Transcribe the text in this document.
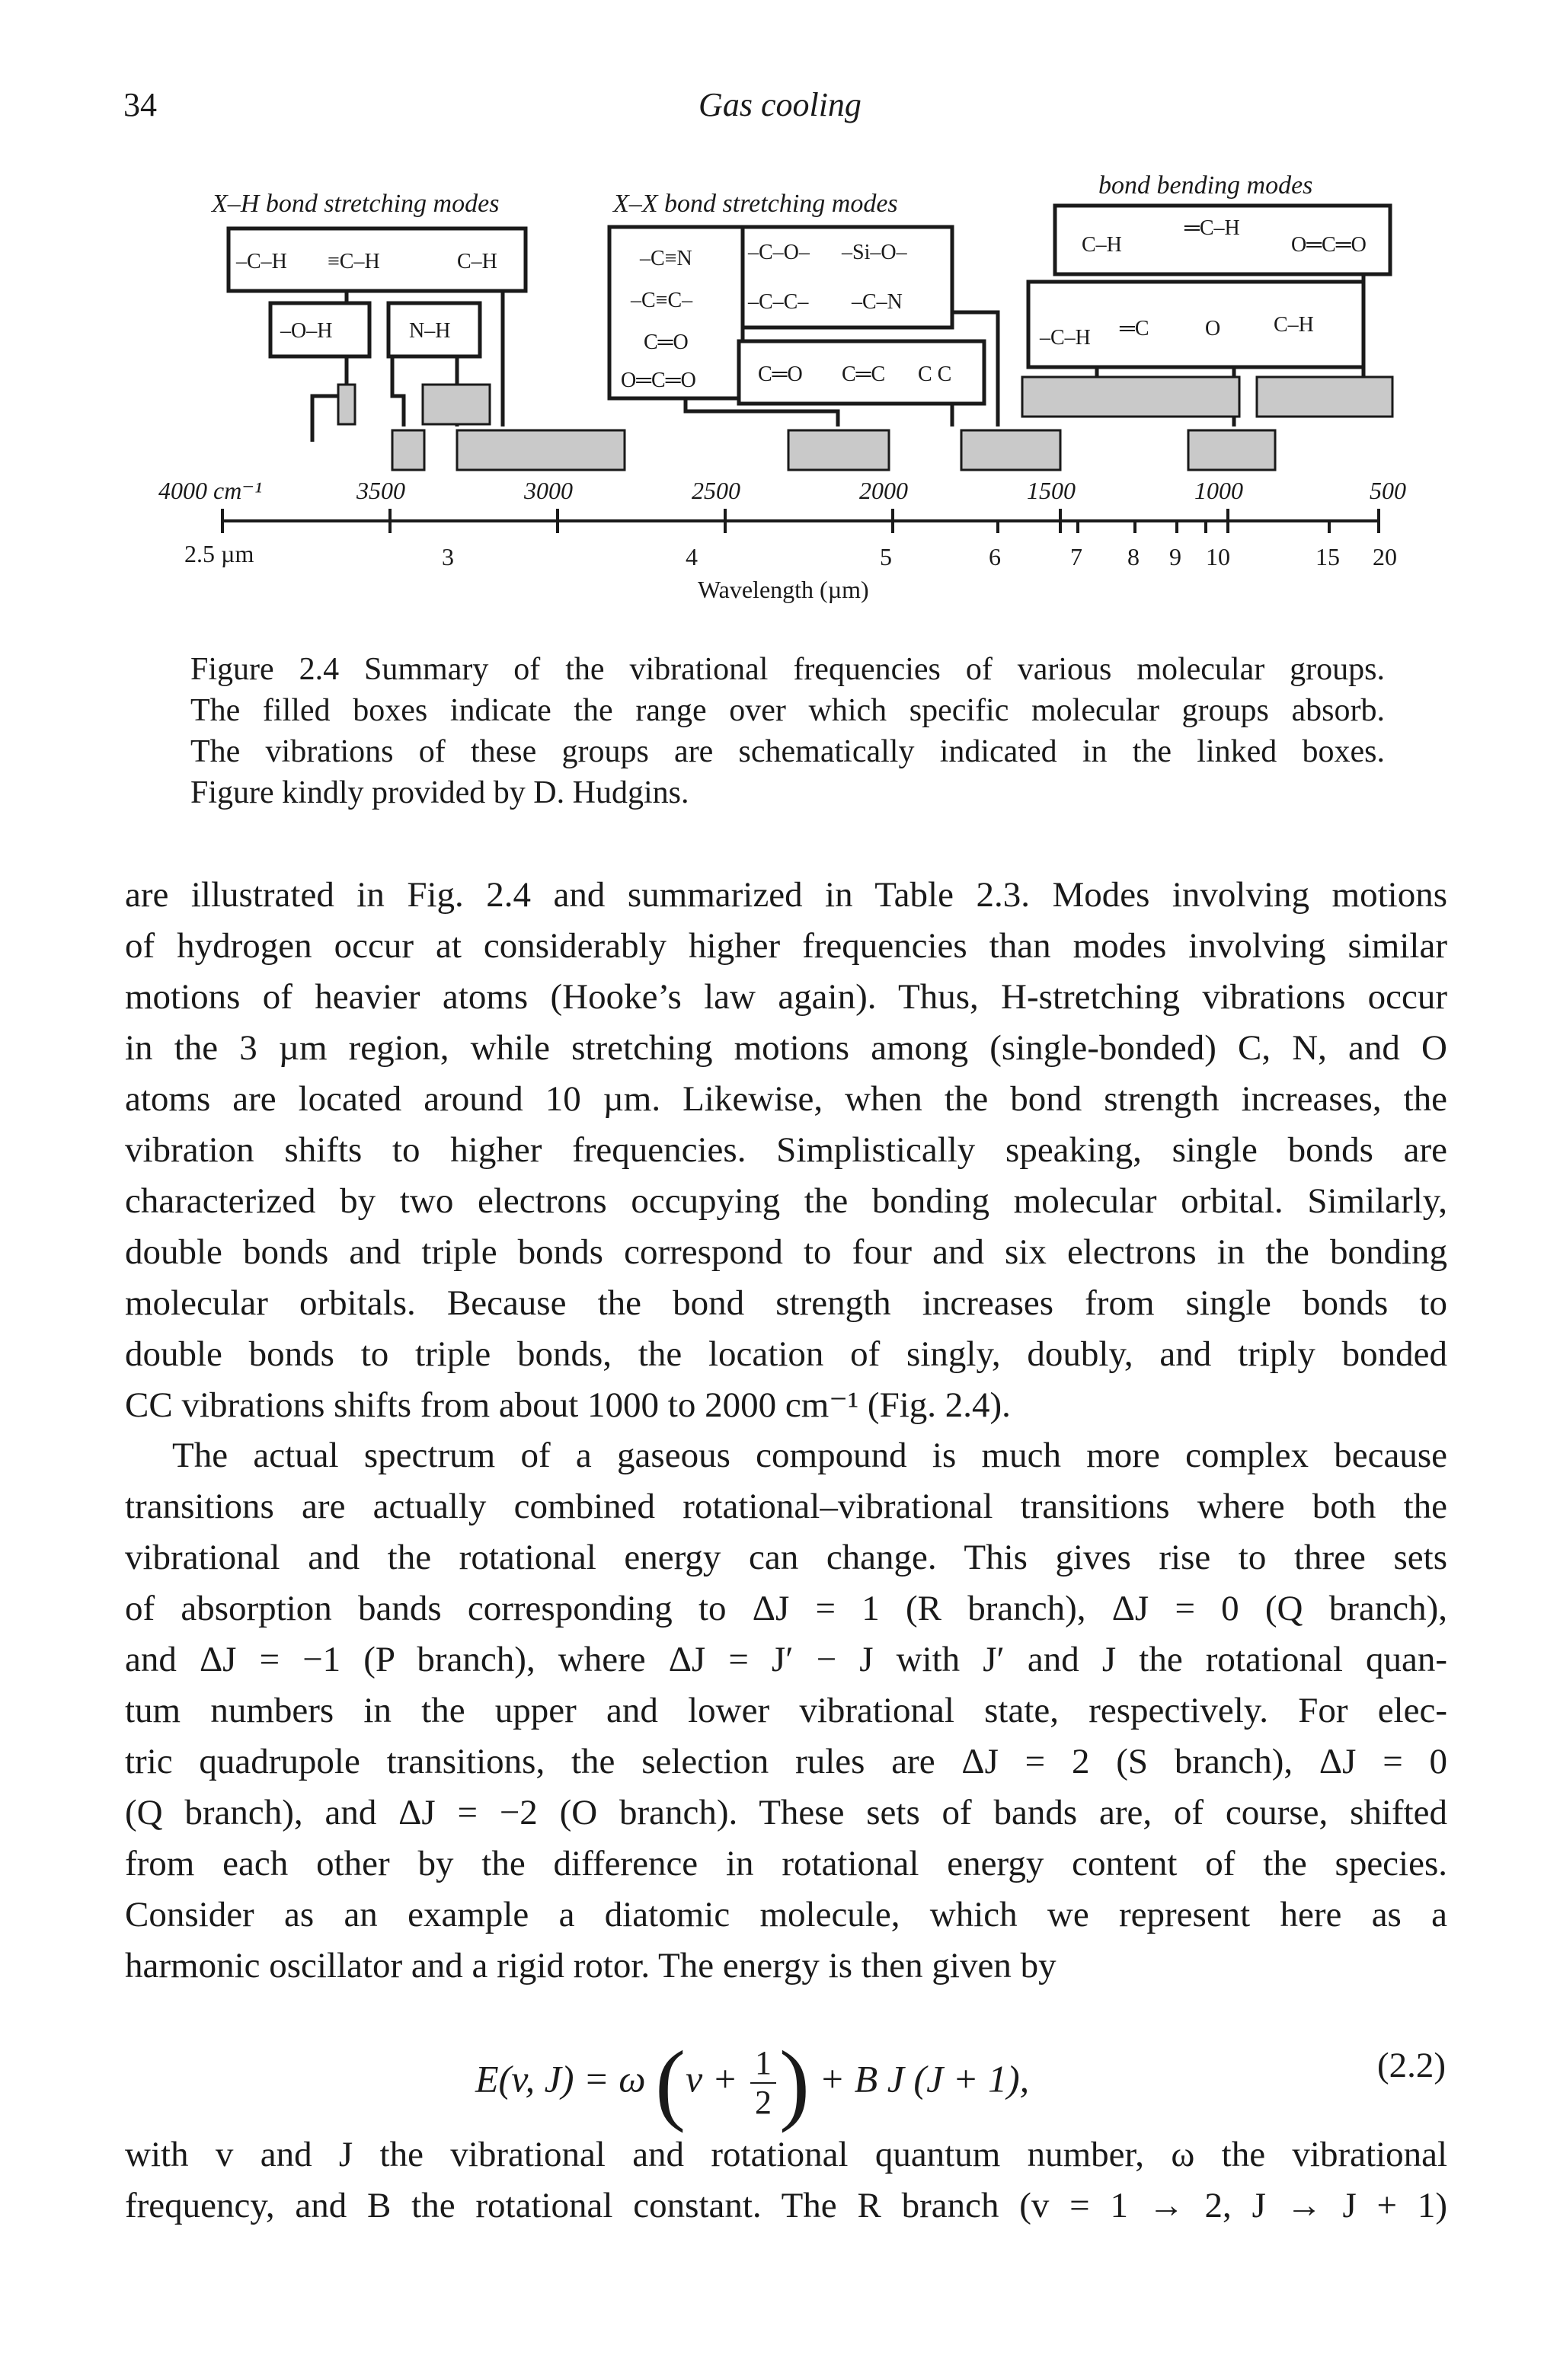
34	Gas cooling
X–H bond stretching modes	X–X bond stretching modes
bond bending modes
–C–H ≡C–H	C–H
–O–H	N–H
–C≡N
–C≡C–
C═O
O═C═O
–C–O– –Si–O–
–C–C– –C–N
C═O C═C C C
C–H
═C–H
O═C═O
–C–H ═C	O C–H
4000 cm⁻¹	3500	3000	2500	2000	1500	1000	500
2.5 µm	3	4	5	6	7 8 9 10	15 20
Wavelength (µm)
Figure 2.4 Summary of the vibrational frequencies of various molecular groups.
The filled boxes indicate the range over which specific molecular groups absorb.
The vibrations of these groups are schematically indicated in the linked boxes.
Figure kindly provided by D. Hudgins.
are illustrated in Fig. 2.4 and summarized in Table 2.3. Modes involving motions
of hydrogen occur at considerably higher frequencies than modes involving similar
motions of heavier atoms (Hooke’s law again). Thus, H-stretching vibrations occur
in the 3 µm region, while stretching motions among (single-bonded) C, N, and O
atoms are located around 10 µm. Likewise, when the bond strength increases, the
vibration shifts to higher frequencies. Simplistically speaking, single bonds are
characterized by two electrons occupying the bonding molecular orbital. Similarly,
double bonds and triple bonds correspond to four and six electrons in the bonding
molecular orbitals. Because the bond strength increases from single bonds to
double bonds to triple bonds, the location of singly, doubly, and triply bonded
CC vibrations shifts from about 1000 to 2000 cm⁻¹ (Fig. 2.4).
The actual spectrum of a gaseous compound is much more complex because
transitions are actually combined rotational–vibrational transitions where both the
vibrational and the rotational energy can change. This gives rise to three sets
of absorption bands corresponding to ΔJ = 1 (R branch), ΔJ = 0 (Q branch),
and ΔJ = −1 (P branch), where ΔJ = J′ − J with J′ and J the rotational quan-
tum numbers in the upper and lower vibrational state, respectively. For elec-
tric quadrupole transitions, the selection rules are ΔJ = 2 (S branch), ΔJ = 0
(Q branch), and ΔJ = −2 (O branch). These sets of bands are, of course, shifted
from each other by the difference in rotational energy content of the species.
Consider as an example a diatomic molecule, which we represent here as a
harmonic oscillator and a rigid rotor. The energy is then given by
E(v, J) = ω ($v + \frac{1}{2}$ ) + B J (J + 1),	(2.2)
with v and J the vibrational and rotational quantum number, ω the vibrational
frequency, and B the rotational constant. The R branch (v = 1 → 2, J → J + 1)
